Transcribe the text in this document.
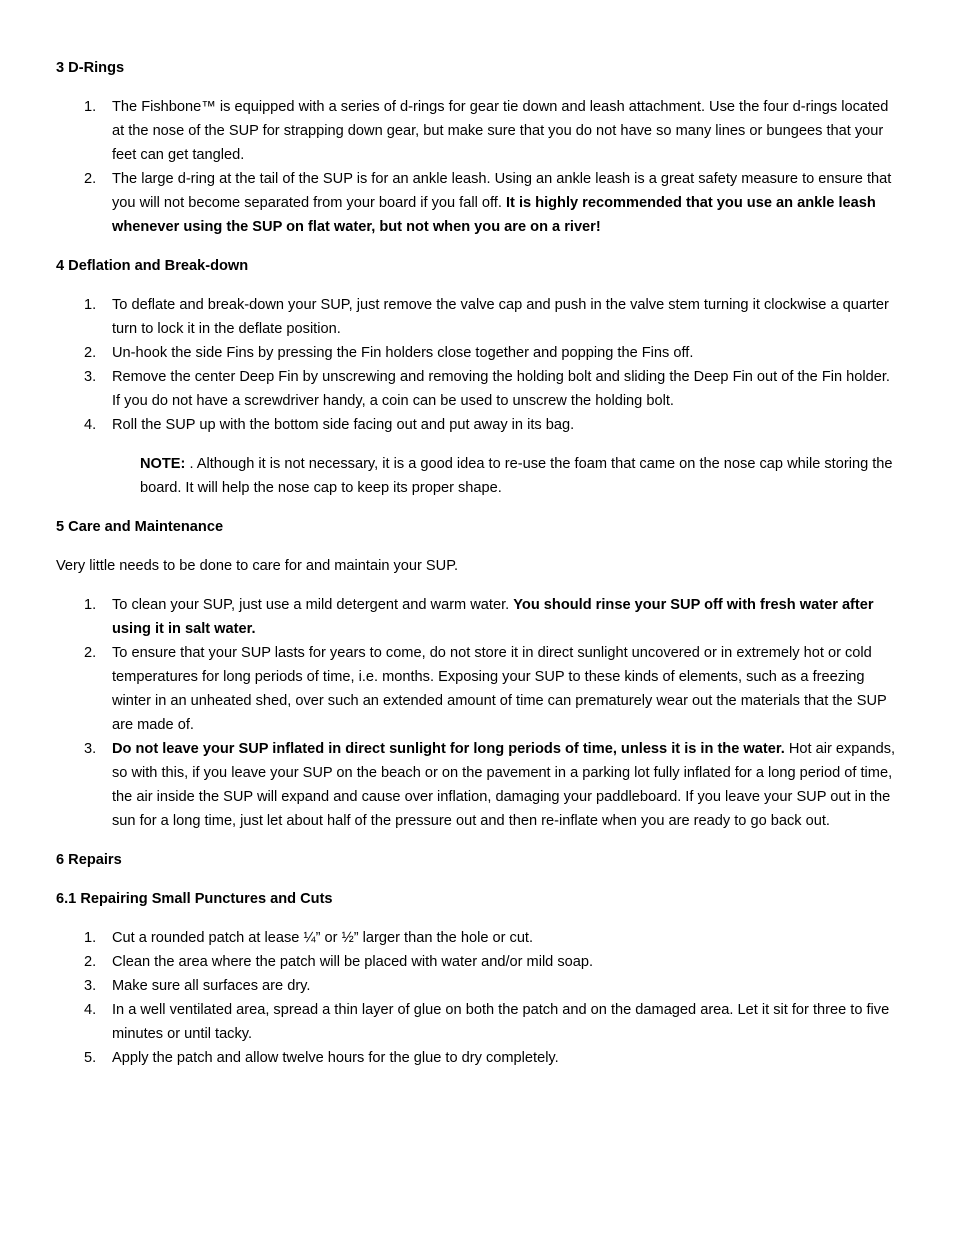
3 D-Rings
1. The Fishbone™ is equipped with a series of d-rings for gear tie down and leash attachment. Use the four d-rings located at the nose of the SUP for strapping down gear, but make sure that you do not have so many lines or bungees that your feet can get tangled.
2. The large d-ring at the tail of the SUP is for an ankle leash. Using an ankle leash is a great safety measure to ensure that you will not become separated from your board if you fall off. It is highly recommended that you use an ankle leash whenever using the SUP on flat water, but not when you are on a river!
4 Deflation and Break-down
1. To deflate and break-down your SUP, just remove the valve cap and push in the valve stem turning it clockwise a quarter turn to lock it in the deflate position.
2. Un-hook the side Fins by pressing the Fin holders close together and popping the Fins off.
3. Remove the center Deep Fin by unscrewing and removing the holding bolt and sliding the Deep Fin out of the Fin holder. If you do not have a screwdriver handy, a coin can be used to unscrew the holding bolt.
4. Roll the SUP up with the bottom side facing out and put away in its bag.
NOTE: . Although it is not necessary, it is a good idea to re-use the foam that came on the nose cap while storing the board. It will help the nose cap to keep its proper shape.
5 Care and Maintenance
Very little needs to be done to care for and maintain your SUP.
1. To clean your SUP, just use a mild detergent and warm water. You should rinse your SUP off with fresh water after using it in salt water.
2. To ensure that your SUP lasts for years to come, do not store it in direct sunlight uncovered or in extremely hot or cold temperatures for long periods of time, i.e. months. Exposing your SUP to these kinds of elements, such as a freezing winter in an unheated shed, over such an extended amount of time can prematurely wear out the materials that the SUP are made of.
3. Do not leave your SUP inflated in direct sunlight for long periods of time, unless it is in the water. Hot air expands, so with this, if you leave your SUP on the beach or on the pavement in a parking lot fully inflated for a long period of time, the air inside the SUP will expand and cause over inflation, damaging your paddleboard. If you leave your SUP out in the sun for a long time, just let about half of the pressure out and then re-inflate when you are ready to go back out.
6 Repairs
6.1 Repairing Small Punctures and Cuts
1. Cut a rounded patch at lease ¼” or ½” larger than the hole or cut.
2. Clean the area where the patch will be placed with water and/or mild soap.
3. Make sure all surfaces are dry.
4. In a well ventilated area, spread a thin layer of glue on both the patch and on the damaged area. Let it sit for three to five minutes or until tacky.
5. Apply the patch and allow twelve hours for the glue to dry completely.
